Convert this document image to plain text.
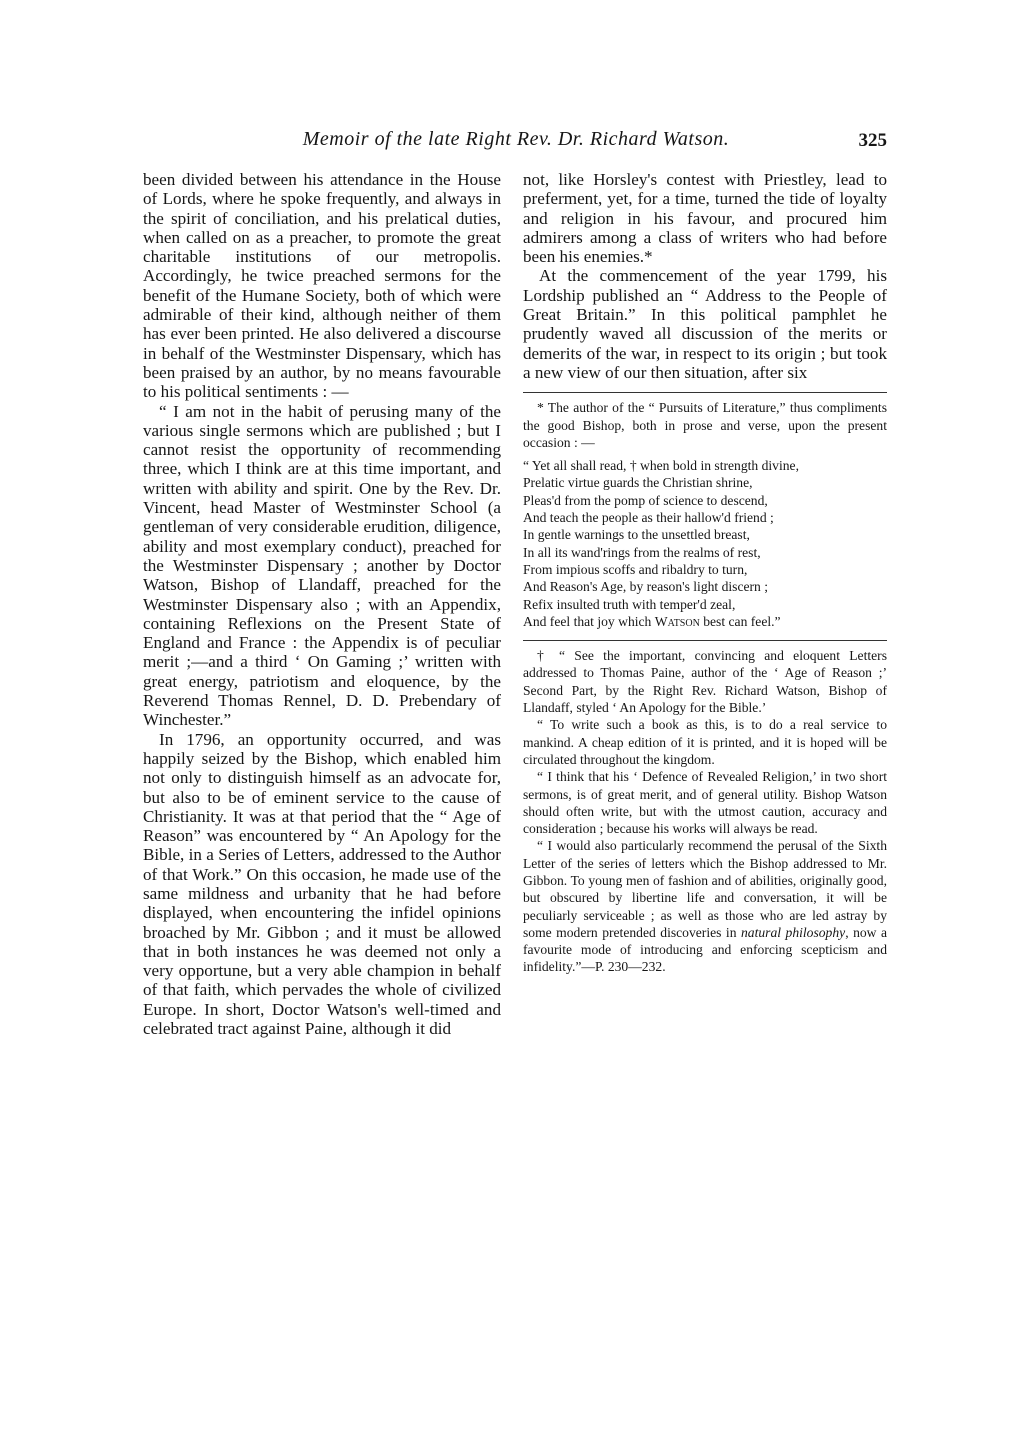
Memoir of the late Right Rev. Dr. Richard Watson.	325

been divided between his attendance in the House of Lords, where he spoke frequently, and always in the spirit of conciliation, and his prelatical duties, when called on as a preacher, to promote the great charitable institutions of our metropolis. Accordingly, he twice preached sermons for the benefit of the Humane Society, both of which were admirable of their kind, although neither of them has ever been printed. He also delivered a discourse in behalf of the Westminster Dispensary, which has been praised by an author, by no means favourable to his political sentiments : —

“ I am not in the habit of perusing many of the various single sermons which are published ; but I cannot resist the opportunity of recommending three, which I think are at this time important, and written with ability and spirit. One by the Rev. Dr. Vincent, head Master of Westminster School (a gentleman of very considerable erudition, diligence, ability and most exemplary conduct), preached for the Westminster Dispensary ; another by Doctor Watson, Bishop of Llandaff, preached for the Westminster Dispensary also ; with an Appendix, containing Reflexions on the Present State of England and France : the Appendix is of peculiar merit ;—and a third ‘ On Gaming ;’ written with great energy, patriotism and eloquence, by the Reverend Thomas Rennel, D. D. Prebendary of Winchester.”

In 1796, an opportunity occurred, and was happily seized by the Bishop, which enabled him not only to distinguish himself as an advocate for, but also to be of eminent service to the cause of Christianity. It was at that period that the “ Age of Reason” was encountered by “ An Apology for the Bible, in a Series of Letters, addressed to the Author of that Work.” On this occasion, he made use of the same mildness and urbanity that he had before displayed, when encountering the infidel opinions broached by Mr. Gibbon ; and it must be allowed that in both instances he was deemed not only a very opportune, but a very able champion in behalf of that faith, which pervades the whole of civilized Europe. In short, Doctor Watson's well-timed and celebrated tract against Paine, although it did

not, like Horsley's contest with Priestley, lead to preferment, yet, for a time, turned the tide of loyalty and religion in his favour, and procured him admirers among a class of writers who had before been his enemies.*

At the commencement of the year 1799, his Lordship published an “ Address to the People of Great Britain.” In this political pamphlet he prudently waved all discussion of the merits or demerits of the war, in respect to its origin ; but took a new view of our then situation, after six

* The author of the “ Pursuits of Literature,” thus compliments the good Bishop, both in prose and verse, upon the present occasion : —

“ Yet all shall read, † when bold in strength divine,

Prelatic virtue guards the Christian shrine,

Pleas'd from the pomp of science to descend,

And teach the people as their hallow'd friend ;

In gentle warnings to the unsettled breast,

In all its wand'rings from the realms of rest,

From impious scoffs and ribaldry to turn,

And Reason's Age, by reason's light discern ;

Refix insulted truth with temper'd zeal,

And feel that joy which Watson best can feel.”

† “ See the important, convincing and eloquent Letters addressed to Thomas Paine, author of the ‘ Age of Reason ;’ Second Part, by the Right Rev. Richard Watson, Bishop of Llandaff, styled ‘ An Apology for the Bible.’

“ To write such a book as this, is to do a real service to mankind. A cheap edition of it is printed, and it is hoped will be circulated throughout the kingdom.

“ I think that his ‘ Defence of Revealed Religion,’ in two short sermons, is of great merit, and of general utility. Bishop Watson should often write, but with the utmost caution, accuracy and consideration ; because his works will always be read.

“ I would also particularly recommend the perusal of the Sixth Letter of the series of letters which the Bishop addressed to Mr. Gibbon. To young men of fashion and of abilities, originally good, but obscured by libertine life and conversation, it will be peculiarly serviceable ; as well as those who are led astray by some modern pretended discoveries in natural philosophy, now a favourite mode of introducing and enforcing scepticism and infidelity.”—P. 230—232.
